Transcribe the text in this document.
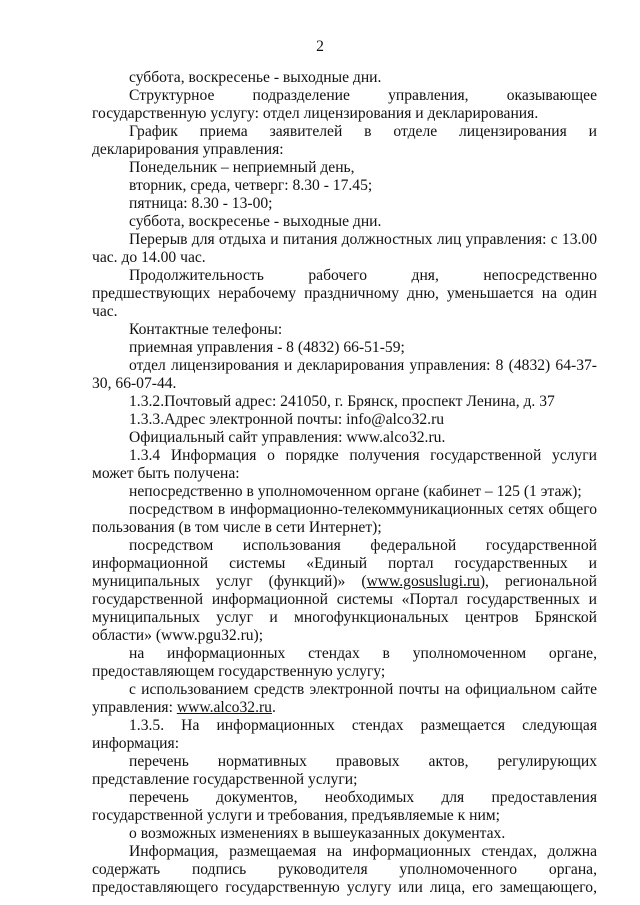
2

суббота, воскресенье - выходные дни.

Структурное подразделение управления, оказывающее государственную услугу: отдел лицензирования и декларирования.

График приема заявителей в отделе лицензирования и декларирования управления:

Понедельник – неприемный день,

вторник, среда, четверг: 8.30 - 17.45;

пятница: 8.30 - 13-00;

суббота, воскресенье - выходные дни.

Перерыв для отдыха и питания должностных лиц управления: с 13.00 час. до 14.00 час.

Продолжительность рабочего дня, непосредственно предшествующих нерабочему праздничному дню, уменьшается на один час.

Контактные телефоны:

приемная управления - 8 (4832) 66-51-59;

отдел лицензирования и декларирования управления: 8 (4832) 64-37-30, 66-07-44.

1.3.2.Почтовый адрес: 241050, г. Брянск, проспект Ленина, д. 37

1.3.3.Адрес электронной почты: info@alco32.ru

Официальный сайт управления: www.alco32.ru.

1.3.4 Информация о порядке получения государственной услуги может быть получена:

непосредственно в уполномоченном органе (кабинет – 125 (1 этаж);

посредством в информационно-телекоммуникационных сетях общего пользования (в том числе в сети Интернет);

посредством использования федеральной государственной информационной системы «Единый портал государственных и муниципальных услуг (функций)» (www.gosuslugi.ru), региональной государственной информационной системы «Портал государственных и муниципальных услуг и многофункциональных центров Брянской области» (www.pgu32.ru);

на информационных стендах в уполномоченном органе, предоставляющем государственную услугу;

с использованием средств электронной почты на официальном сайте управления: www.alco32.ru.

1.3.5. На информационных стендах размещается следующая информация:

перечень нормативных правовых актов, регулирующих представление государственной услуги;

перечень документов, необходимых для предоставления государственной услуги и требования, предъявляемые к ним;

о возможных изменениях в вышеуказанных документах.

Информация, размещаемая на информационных стендах, должна содержать подпись руководителя уполномоченного органа, предоставляющего государственную услугу или лица, его замещающего,
